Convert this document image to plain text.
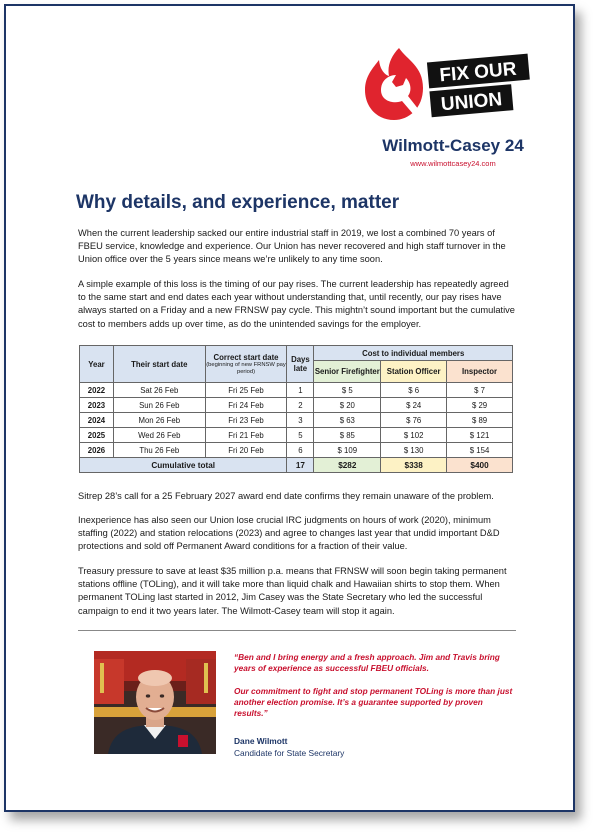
FIX OUR
UNION
Wilmott-Casey 24
www.wilmottcasey24.com
Why details, and experience, matter

When the current leadership sacked our entire industrial staff in 2019, we lost a combined 70 years of FBEU service, knowledge and experience. Our Union has never recovered and high staff turnover in the Union office over the 5 years since means we’re unlikely to any time soon.

A simple example of this loss is the timing of our pay rises. The current leadership has repeatedly agreed to the same start and end dates each year without understanding that, until recently, our pay rises have always started on a Friday and a new FRNSW pay cycle. This mightn’t sound important but the cumulative cost to members adds up over time, as do the unintended savings for the employer.

Year	Their start date	Correct start date
(beginning of new FRNSW pay period)	Days late	Cost to individual members		
				Senior Firefighter	Station Officer	Inspector
2022	Sat 26 Feb	Fri 25 Feb	1	$ 5	$ 6	$ 7
2023	Sun 26 Feb	Fri 24 Feb	2	$ 20	$ 24	$ 29
2024	Mon 26 Feb	Fri 23 Feb	3	$ 63	$ 76	$ 89
2025	Wed 26 Feb	Fri 21 Feb	5	$ 85	$ 102	$ 121
2026	Thu 26 Feb	Fri 20 Feb	6	$ 109	$ 130	$ 154
Cumulative total			17	$282	$338	$400

Sitrep 28’s call for a 25 February 2027 award end date confirms they remain unaware of the problem.

Inexperience has also seen our Union lose crucial IRC judgments on hours of work (2020), minimum staffing (2022) and station relocations (2023) and agree to changes last year that undid important D&D protections and sold off Permanent Award conditions for a fraction of their value.

Treasury pressure to save at least $35 million p.a. means that FRNSW will soon begin taking permanent stations offline (TOLing), and it will take more than liquid chalk and Hawaiian shirts to stop them. When permanent TOLing last started in 2012, Jim Casey was the State Secretary who led the successful campaign to end it two years later. The Wilmott-Casey team will stop it again.

“Ben and I bring energy and a fresh approach. Jim and Travis bring years of experience as successful FBEU officials.

Our commitment to fight and stop permanent TOLing is more than just another election promise. It’s a guarantee supported by proven results.”

Dane Wilmott
Candidate for State Secretary
